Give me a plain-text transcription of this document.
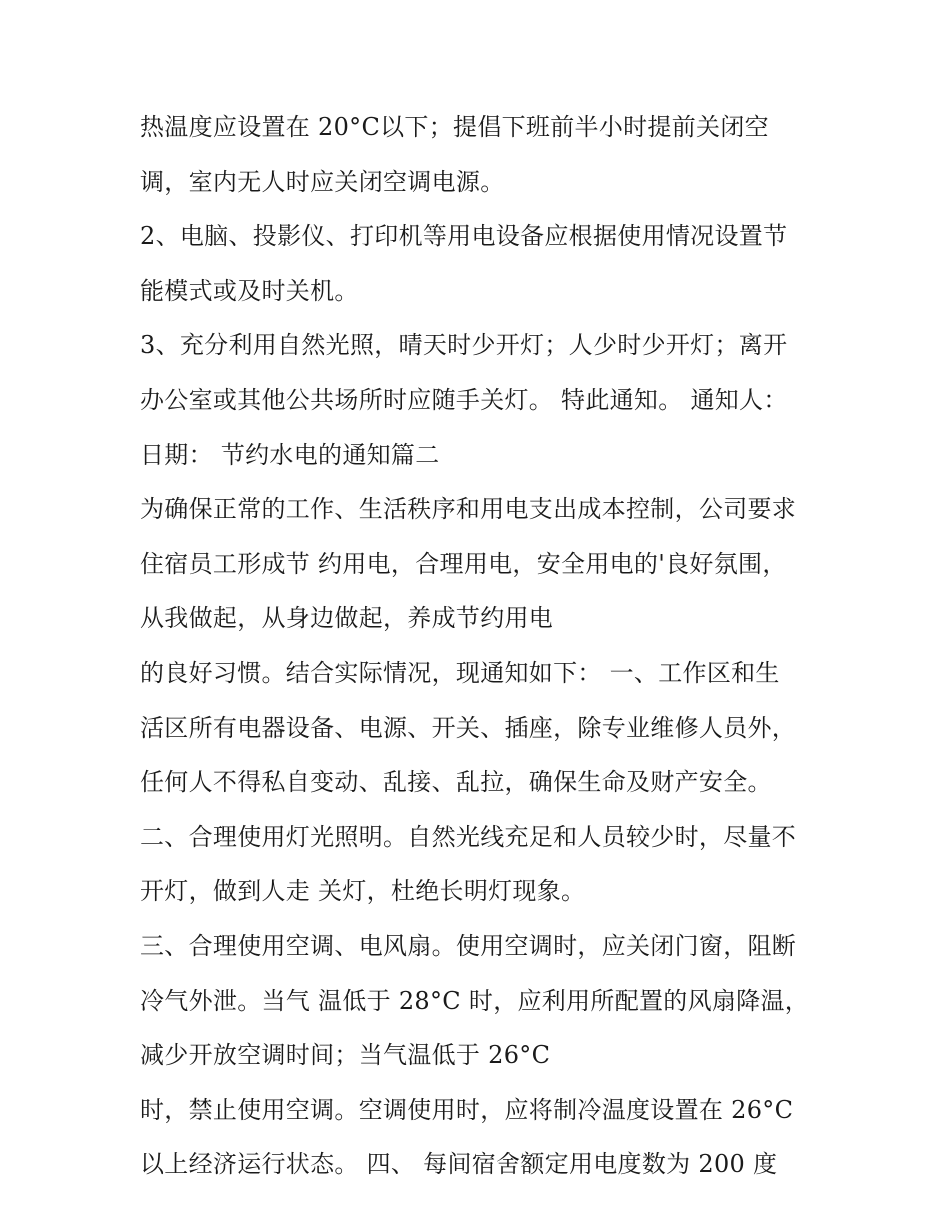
热温度应设置在 20°C以下；提倡下班前半小时提前关闭空
调，室内无人时应关闭空调电源。
2、电脑、投影仪、打印机等用电设备应根据使用情况设置节
能模式或及时关机。
3、充分利用自然光照，晴天时少开灯；人少时少开灯；离开
办公室或其他公共场所时应随手关灯。 特此通知。 通知人：
日期： 节约水电的通知篇二
为确保正常的工作、生活秩序和用电支出成本控制，公司要求
住宿员工形成节 约用电，合理用电，安全用电的'良好氛围，
从我做起，从身边做起，养成节约用电
的良好习惯。结合实际情况，现通知如下： 一、工作区和生
活区所有电器设备、电源、开关、插座，除专业维修人员外，
任何人不得私自变动、乱接、乱拉，确保生命及财产安全。
二、合理使用灯光照明。自然光线充足和人员较少时，尽量不
开灯，做到人走 关灯，杜绝长明灯现象。
三、合理使用空调、电风扇。使用空调时，应关闭门窗，阻断
冷气外泄。当气 温低于 28°C 时，应利用所配置的风扇降温，
减少开放空调时间；当气温低于 26°C
时，禁止使用空调。空调使用时，应将制冷温度设置在 26°C
以上经济运行状态。 四、 每间宿舍额定用电度数为 200 度
